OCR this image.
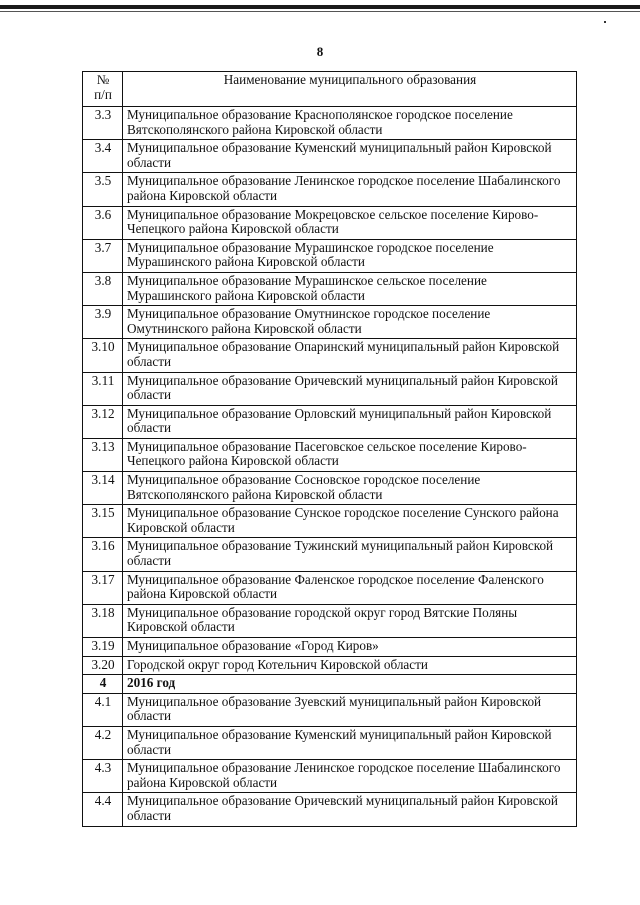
8
№
п/п	Наименование муниципального образования
3.3	Муниципальное образование Краснополянское городское поселение Вятскополянского района Кировской области
3.4	Муниципальное образование Куменский муниципальный район Кировской области
3.5	Муниципальное образование Ленинское городское поселение Шабалинского района Кировской области
3.6	Муниципальное образование Мокрецовское сельское поселение Кирово-Чепецкого района Кировской области
3.7	Муниципальное образование Мурашинское городское поселение Мурашинского района Кировской области
3.8	Муниципальное образование Мурашинское сельское поселение Мурашинского района Кировской области
3.9	Муниципальное образование Омутнинское городское поселение Омутнинского района Кировской области
3.10	Муниципальное образование Опаринский муниципальный район Кировской области
3.11	Муниципальное образование Оричевский муниципальный район Кировской области
3.12	Муниципальное образование Орловский муниципальный район Кировской области
3.13	Муниципальное образование Пасеговское сельское поселение Кирово-Чепецкого района Кировской области
3.14	Муниципальное образование Сосновское городское поселение Вятскополянского района Кировской области
3.15	Муниципальное образование Сунское городское поселение Сунского района Кировской области
3.16	Муниципальное образование Тужинский муниципальный район Кировской области
3.17	Муниципальное образование Фаленское городское поселение Фаленского района Кировской области
3.18	Муниципальное образование городской округ город Вятские Поляны Кировской области
3.19	Муниципальное образование «Город Киров»
3.20	Городской округ город Котельнич Кировской области
4	2016 год
4.1	Муниципальное образование Зуевский муниципальный район Кировской области
4.2	Муниципальное образование Куменский муниципальный район Кировской области
4.3	Муниципальное образование Ленинское городское поселение Шабалинского района Кировской области
4.4	Муниципальное образование Оричевский муниципальный район Кировской области
